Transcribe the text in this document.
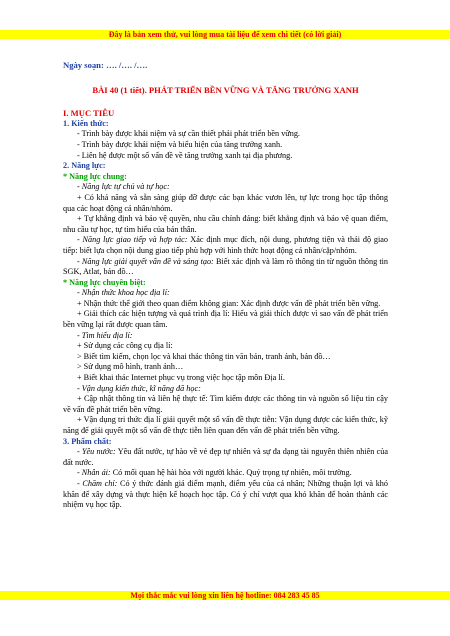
Đây là bản xem thử, vui lòng mua tài liệu để xem chi tiết (có lời giải)

Ngày soạn: …. /…. /….

BÀI 40 (1 tiết). PHÁT TRIỂN BỀN VỮNG VÀ TĂNG TRƯỞNG XANH

I. MỤC TIÊU

1. Kiến thức:

- Trình bày được khái niệm và sự cần thiết phải phát triển bền vững.

- Trình bày được khái niệm và biểu hiện của tăng trưởng xanh.

- Liên hệ được một số vấn đề về tăng trưởng xanh tại địa phương.

2. Năng lực:

* Năng lực chung:

- Năng lực tự chủ và tự học:

+ Có khả năng và sẵn sàng giúp đỡ được các bạn khác vươn lên, tự lực trong học tập thông qua các hoạt động cá nhân/nhóm.

+ Tự khẳng định và bảo vệ quyền, nhu cầu chính đáng: biết khẳng định và bảo vệ quan điểm, nhu cầu tự học, tự tìm hiểu của bản thân.

- Năng lực giao tiếp và hợp tác: Xác định mục đích, nội dung, phương tiện và thái độ giao tiếp: biết lựa chọn nội dung giao tiếp phù hợp với hình thức hoạt động cá nhân/cặp/nhóm.

- Năng lực giải quyết vấn đề và sáng tạo: Biết xác định và làm rõ thông tin từ nguồn thông tin SGK, Atlat, bản đồ…

* Năng lực chuyên biệt:

- Nhận thức khoa học địa lí:

+ Nhận thức thế giới theo quan điểm không gian: Xác định được vấn đề phát triển bền vững.

+ Giải thích các hiện tượng và quá trình địa lí: Hiểu và giải thích được vì sao vấn đề phát triển bền vững lại rất được quan tâm.

- Tìm hiểu địa lí:

+ Sử dụng các công cụ địa lí:

> Biết tìm kiếm, chọn lọc và khai thác thông tin văn bản, tranh ảnh, bản đồ…

> Sử dụng mô hình, tranh ảnh…

+ Biết khai thác Internet phục vụ trong việc học tập môn Địa lí.

- Vận dụng kiến thức, kĩ năng đã học:

+ Cập nhật thông tin và liên hệ thực tế: Tìm kiếm được các thông tin và nguồn số liệu tin cậy về vấn đề phát triển bền vững.

+ Vận dụng tri thức địa lí giải quyết một số vấn đề thực tiễn: Vận dụng được các kiến thức, kỹ năng để giải quyết một số vấn đề thực tiễn liên quan đến vấn đề phát triển bền vững.

3. Phẩm chất:

- Yêu nước: Yêu đất nước, tự hào về vẻ đẹp tự nhiên và sự đa dạng tài nguyên thiên nhiên của đất nước.

- Nhân ái: Có mối quan hệ hài hòa với người khác. Quý trọng tự nhiên, môi trường.

- Chăm chỉ: Có ý thức đánh giá điểm mạnh, điểm yếu của cá nhân; Những thuận lợi và khó khăn để xây dựng và thực hiện kế hoạch học tập. Có ý chí vượt qua khó khăn để hoàn thành các nhiệm vụ học tập.

Mọi thắc mắc vui lòng xin liên hệ hotline: 084 283 45 85
